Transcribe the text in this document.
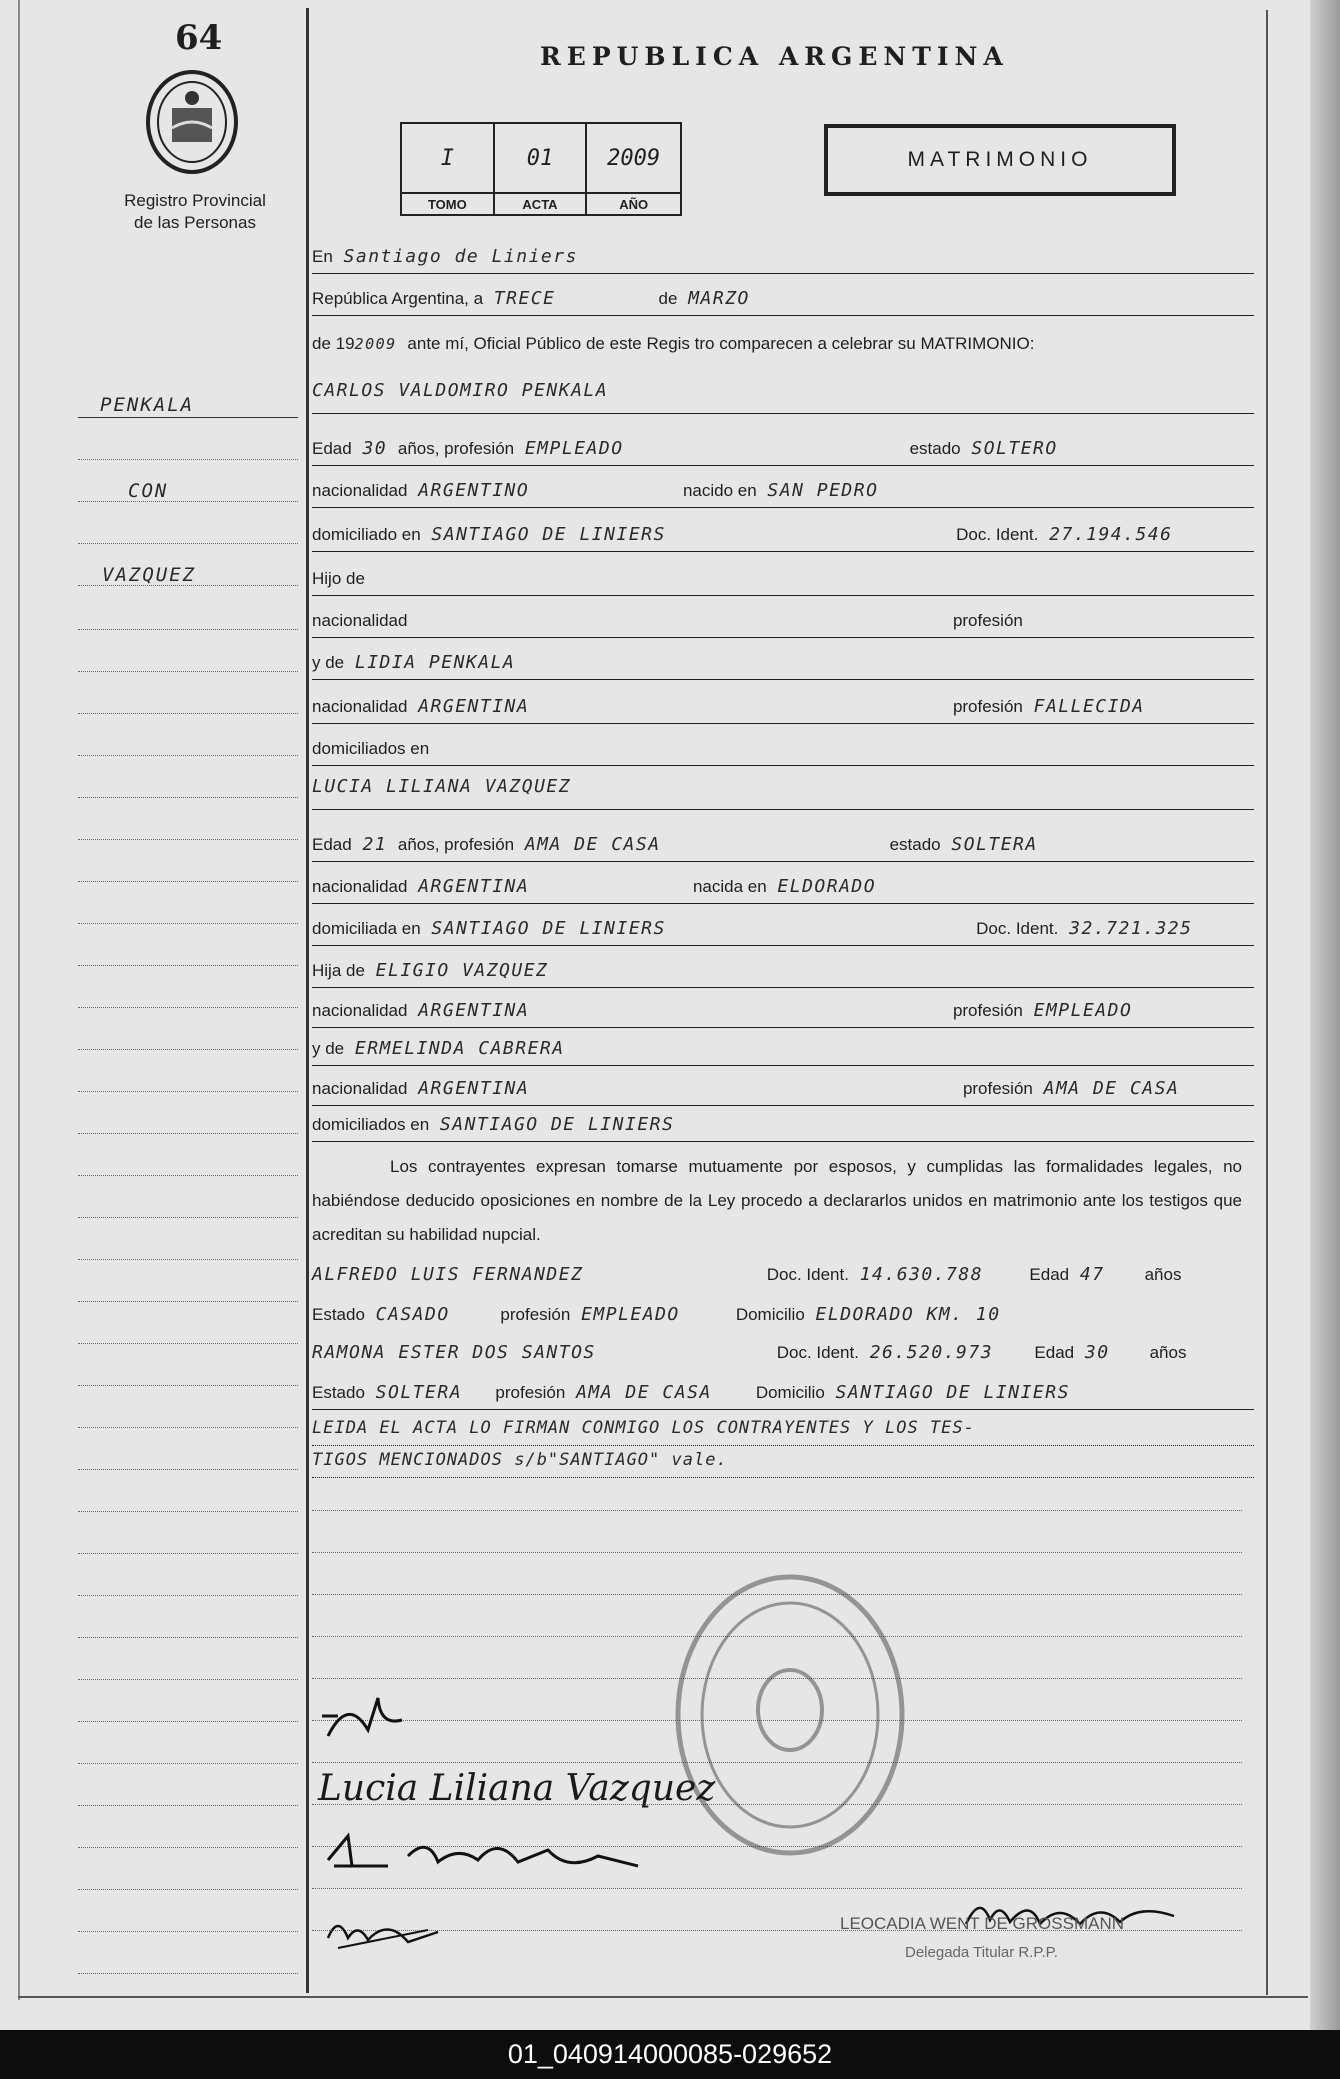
64
Registro Provincial
de las Personas
PENKALA
CON
VAZQUEZ
REPUBLICA ARGENTINA
I	01	2009
TOMO	ACTA	AÑO
MATRIMONIO
En Santiago de Liniers
República Argentina, a TRECE	de MARZO
de 192009 ante mí, Oficial Público de este Regis tro comparecen a celebrar su MATRIMONIO:
CARLOS VALDOMIRO PENKALA
Edad 30 años, profesión EMPLEADO	estado SOLTERO
nacionalidad ARGENTINO	nacido en SAN PEDRO
domiciliado en SANTIAGO DE LINIERS	Doc. Ident. 27.194.546
Hijo de
nacionalidad	profesión
y de LIDIA PENKALA
nacionalidad ARGENTINA	profesión FALLECIDA
domiciliados en
LUCIA LILIANA VAZQUEZ
Edad 21 años, profesión AMA DE CASA	estado SOLTERA
nacionalidad ARGENTINA	nacida en ELDORADO
domiciliada en SANTIAGO DE LINIERS	Doc. Ident. 32.721.325
Hija de ELIGIO VAZQUEZ
nacionalidad ARGENTINA	profesión EMPLEADO
y de ERMELINDA CABRERA
nacionalidad ARGENTINA	profesión AMA DE CASA
domiciliados en SANTIAGO DE LINIERS
Los contrayentes expresan tomarse mutuamente por esposos, y cumplidas las formalidades legales, no habiéndose deducido oposiciones en nombre de la Ley procedo a declararlos unidos en matrimonio ante los testigos que acreditan su habilidad nupcial.
ALFREDO LUIS FERNANDEZ	Doc. Ident. 14.630.788	Edad 47 años
Estado CASADO	profesión EMPLEADO	Domicilio ELDORADO KM. 10
RAMONA ESTER DOS SANTOS	Doc. Ident. 26.520.973 Edad 30 años
Estado SOLTERA profesión AMA DE CASA	Domicilio SANTIAGO DE LINIERS
LEIDA EL ACTA LO FIRMAN CONMIGO LOS CONTRAYENTES Y LOS TES-
TIGOS MENCIONADOS s/b"SANTIAGO" vale.
Lucia Liliana Vazquez
LEOCADIA WENT DE GROSSMANN
Delegada Titular R.P.P.
01_040914000085-029652
